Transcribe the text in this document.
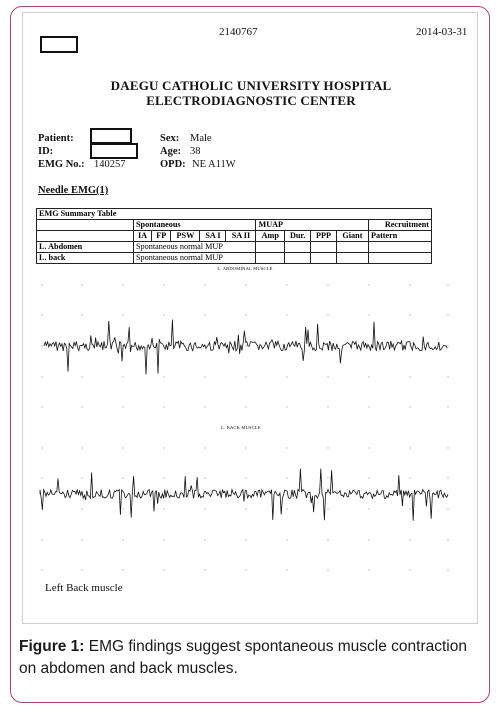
2140767	2014-03-31
DAEGU CATHOLIC UNIVERSITY HOSPITAL
ELECTRODIAGNOSTIC CENTER
Patient:
ID:
EMG No.: 140257
Sex: Male
Age: 38
OPD: NE A11W
Needle EMG(1)
EMG Summary Table										
	Spontaneous					MUAP				Recruitment
	IA	FP	PSW	SA I	SA II	Amp	Dur.	PPP	Giant	Pattern
L. Abdomen	Spontaneous normal MUP									
L. back	Spontaneous normal MUP									
L. ABDOMINAL MUSCLE
L. BACK MUSCLE
Left Back muscle
Figure 1: EMG findings suggest spontaneous muscle contraction on abdomen and back muscles.
